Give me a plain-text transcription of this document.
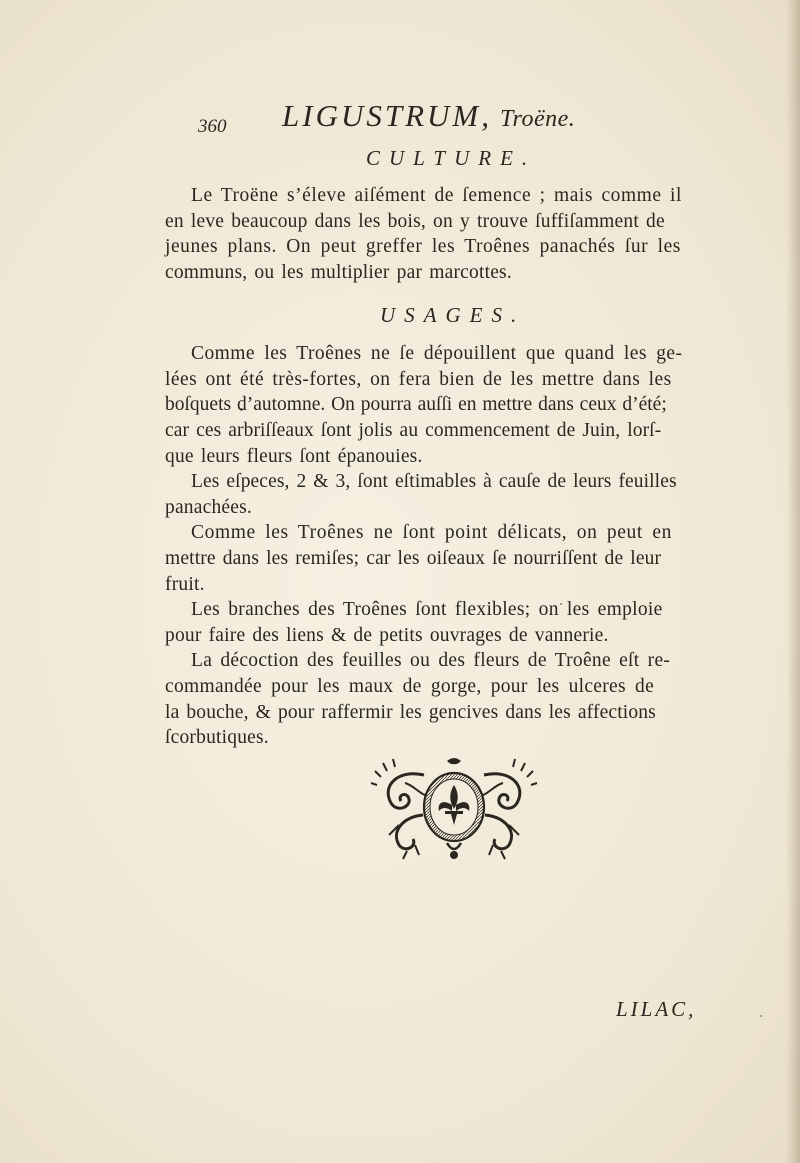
360 LIGUSTRUM, Troëne.
CULTURE.
Le Troëne s’éleve aiſément de ſemence ; mais comme il
en leve beaucoup dans les bois, on y trouve ſuffiſamment de
jeunes plans. On peut greffer les Troênes panachés ſur les
communs, ou les multiplier par marcottes.
USAGES.
Comme les Troênes ne ſe dépouillent que quand les ge-
lées ont été très-fortes, on fera bien de les mettre dans les
boſquets d’automne. On pourra auſſi en mettre dans ceux d’été;
car ces arbriſſeaux ſont jolis au commencement de Juin, lorſ-
que leurs fleurs ſont épanouies.
Les eſpeces, 2 & 3, ſont eſtimables à cauſe de leurs feuilles
panachées.
Comme les Troênes ne ſont point délicats, on peut en
mettre dans les remiſes; car les oiſeaux ſe nourriſſent de leur
fruit.
Les branches des Troênes ſont flexibles; on les emploie
pour faire des liens & de petits ouvrages de vannerie.
La décoction des feuilles ou des fleurs de Troêne eſt re-
commandée pour les maux de gorge, pour les ulceres de
la bouche, & pour raffermir les gencives dans les affections
ſcorbutiques.
LILAC,
